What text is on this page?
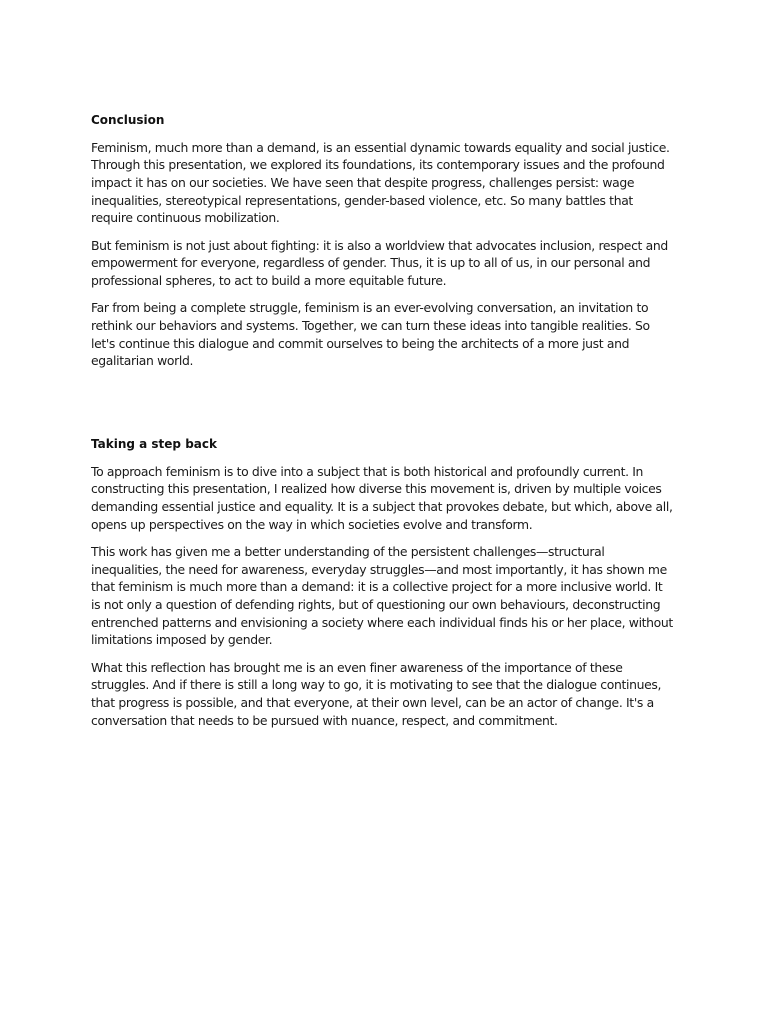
Conclusion

Feminism, much more than a demand, is an essential dynamic towards equality and social justice. Through this presentation, we explored its foundations, its contemporary issues and the profound impact it has on our societies. We have seen that despite progress, challenges persist: wage inequalities, stereotypical representations, gender-based violence, etc. So many battles that require continuous mobilization.

But feminism is not just about fighting: it is also a worldview that advocates inclusion, respect and empowerment for everyone, regardless of gender. Thus, it is up to all of us, in our personal and professional spheres, to act to build a more equitable future.

Far from being a complete struggle, feminism is an ever-evolving conversation, an invitation to rethink our behaviors and systems. Together, we can turn these ideas into tangible realities. So let's continue this dialogue and commit ourselves to being the architects of a more just and egalitarian world.

Taking a step back

To approach feminism is to dive into a subject that is both historical and profoundly current. In constructing this presentation, I realized how diverse this movement is, driven by multiple voices demanding essential justice and equality. It is a subject that provokes debate, but which, above all, opens up perspectives on the way in which societies evolve and transform.

This work has given me a better understanding of the persistent challenges—structural inequalities, the need for awareness, everyday struggles—and most importantly, it has shown me that feminism is much more than a demand: it is a collective project for a more inclusive world. It is not only a question of defending rights, but of questioning our own behaviours, deconstructing entrenched patterns and envisioning a society where each individual finds his or her place, without limitations imposed by gender.

What this reflection has brought me is an even finer awareness of the importance of these struggles. And if there is still a long way to go, it is motivating to see that the dialogue continues, that progress is possible, and that everyone, at their own level, can be an actor of change. It's a conversation that needs to be pursued with nuance, respect, and commitment.
